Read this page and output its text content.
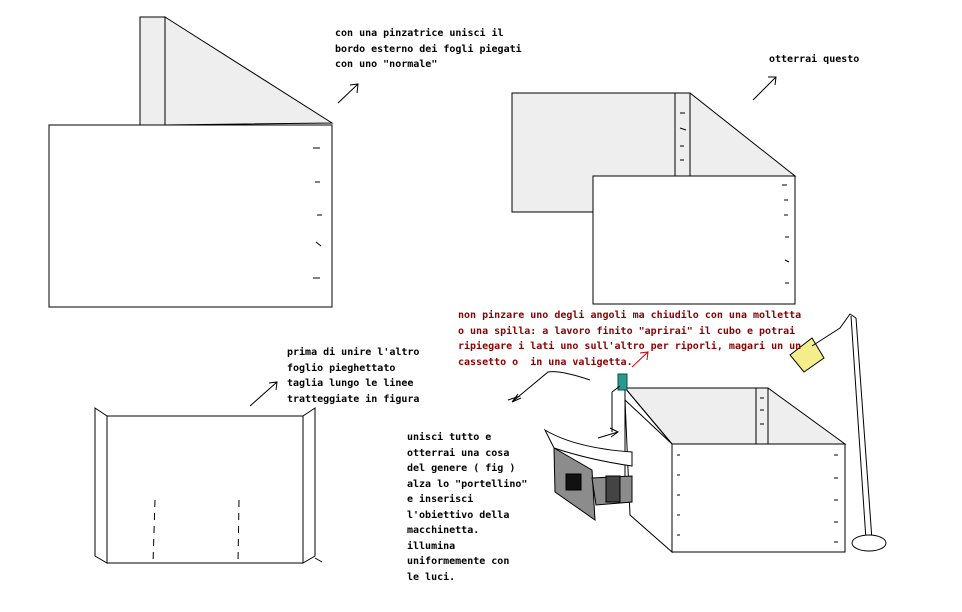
con una pinzatrice unisci il
bordo esterno dei fogli piegati
con uno "normale"	otterrai questo

non pinzare uno degli angoli ma chiudilo con una molletta
o una spilla: a lavoro finito "aprirai" il cubo e potrai
ripiegare i lati uno sull'altro per riporli, magari un un
cassetto o  in una valigetta.

prima di unire l'altro
foglio pieghettato
taglia lungo le linee
tratteggiate in figura

unisci tutto e
otterrai una cosa
del genere ( fig )
alza lo "portellino"
e inserisci
l'obiettivo della
macchinetta.
illumina
uniformemente con
le luci.
